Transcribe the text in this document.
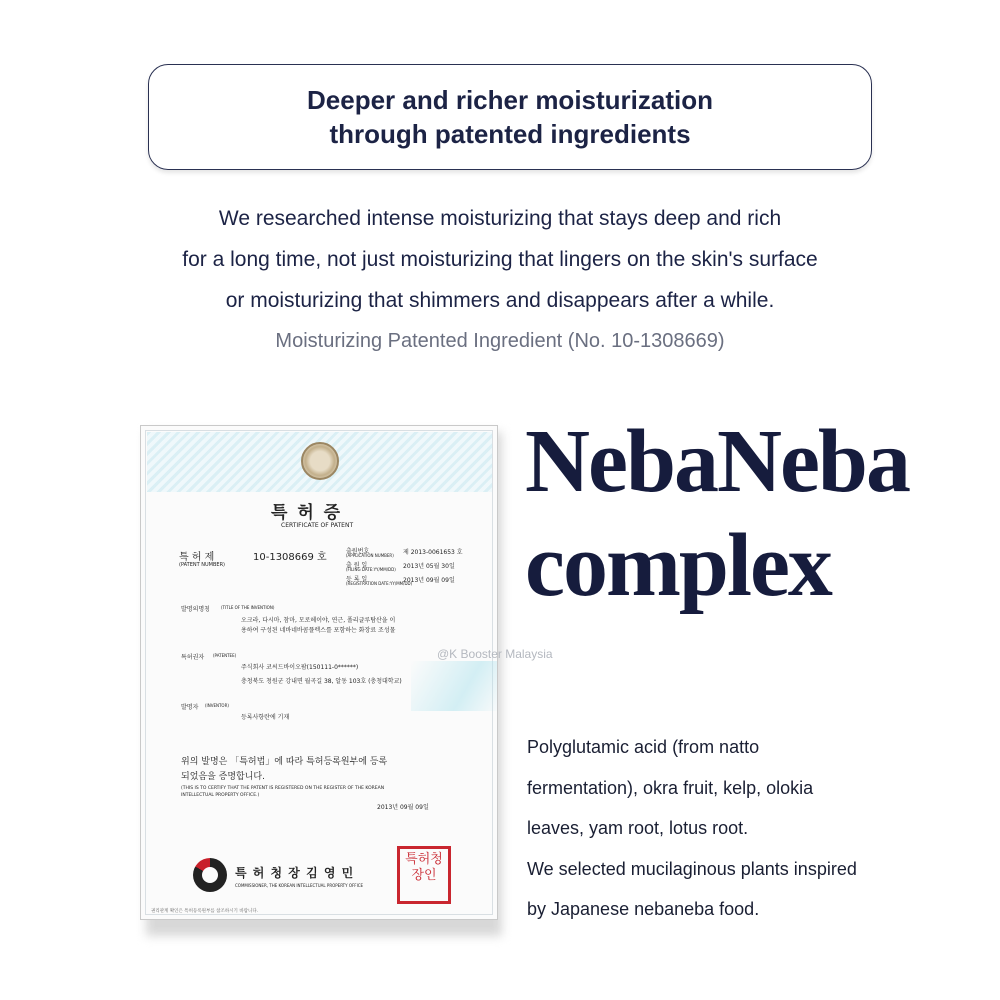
Deeper and richer moisturization
through patented ingredients
We researched intense moisturizing that stays deep and rich
for a long time, not just moisturizing that lingers on the skin's surface
or moisturizing that shimmers and disappears after a while.
Moisturizing Patented Ingredient (No. 10-1308669)
특 허 증
CERTIFICATE OF PATENT
특 허 제	10-1308669 호
(PATENT NUMBER)
출원번호
(APPLICATION NUMBER) 제 2013-0061653 호
출 원 일
(FILING DATE:YY/MM/DD) 2013년 05월 30일
등 록 일
(REGISTRATION DATE:YY/MM/DD)
2013년 09월 09일
발명의명칭	(TITLE OF THE INVENTION)
오크라, 다시마, 참마, 모로헤이야, 연근, 폴리글루탐산을 이
용하여 구성된 네바네바콤플렉스를 포함하는 화장료 조성물
특허권자 (PATENTEE)
주식회사 코씨드바이오팜(150111-0******)
충청북도 청원군 강내면 월곡길 38, 알동 103호 (충청대학교)
발명자 (INVENTOR)
등록사항란에 기재
위의 발명은 「특허법」에 따라 특허등록원부에 등록
되었음을 증명합니다.
(THIS IS TO CERTIFY THAT THE PATENT IS REGISTERED ON THE REGISTER OF THE KOREAN
INTELLECTUAL PROPERTY OFFICE.)
2013년 09월 09일
특 허 청 장 김 영 민
COMMISSIONER, THE KOREAN INTELLECTUAL PROPERTY OFFICE
특허청장인
권리관계 확인은 특허등록원부를 참조하시기 바랍니다.
@K Booster Malaysia
NebaNeba
complex
Polyglutamic acid (from natto
fermentation), okra fruit, kelp, olokia
leaves, yam root, lotus root.
We selected mucilaginous plants inspired
by Japanese nebaneba food.
